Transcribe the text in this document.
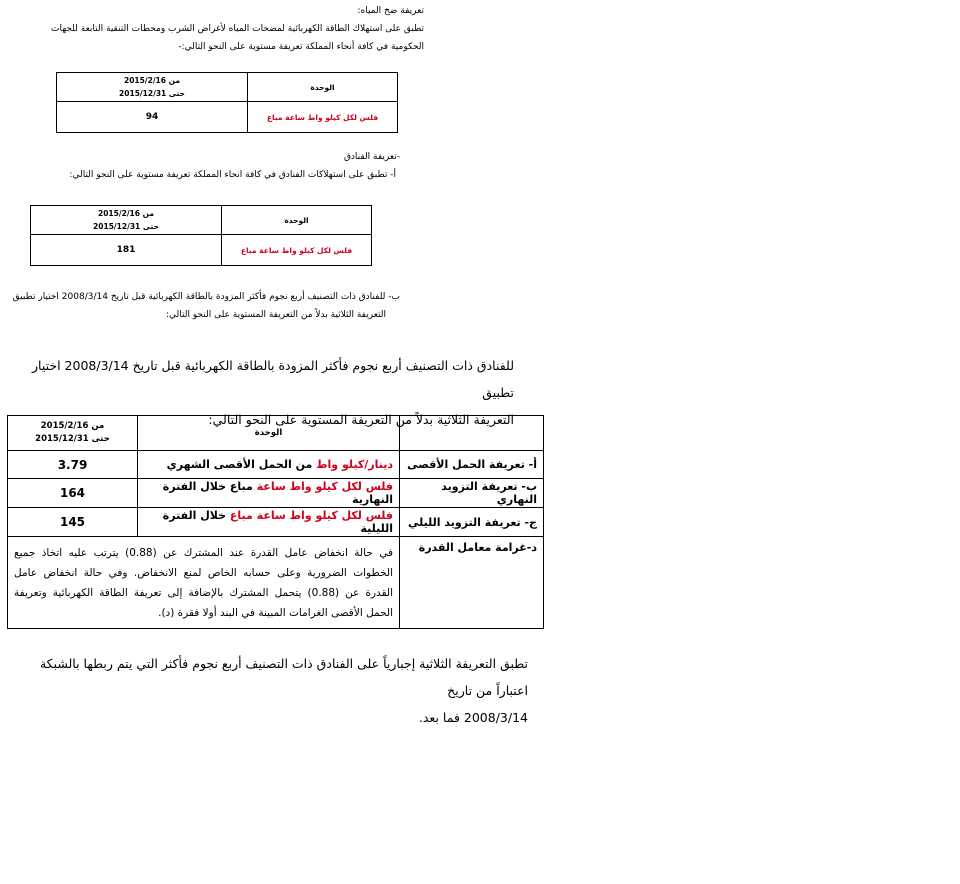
تعريفة ضخ المياه:
تطبق على استهلاك الطاقة الكهربائية لمضخات المياه لأغراض الشرب ومحطات التنقية التابعة للجهات
الحكومية في كافة أنحاء المملكة تعريفة مستوية على النحو التالي:-
الوحدة	من 2015/2/16
حتى 2015/12/31

فلس لكل كيلو واط ساعة مباع	94
-تعريفة الفنادق
أ- تطبق على استهلاكات الفنادق في كافة انحاء المملكة تعريفة مستوية على النحو التالي:
الوحدة	من 2015/2/16
حتى 2015/12/31

فلس لكل كيلو واط ساعة مباع	181
ب- للفنادق ذات التصنيف أربع نجوم فأكثر المزودة بالطاقة الكهربائية قبل تاريخ 2008/3/14 اختيار تطبيق
التعريفة الثلاثية بدلاً من التعريفة المستوية على النحو التالي:
للفنادق ذات التصنيف أربع نجوم فأكثر المزودة بالطاقة الكهربائية قبل تاريخ 2008/3/14 اختيار تطبيق
التعريفة الثلاثية بدلاً من التعريفة المستوية على النحو التالي:
	الوحدة	من 2015/2/16
حتى 2015/12/31

أ- تعريفة الحمل الأقصى	دينار/كيلو واط من الحمل الأقصى الشهري	3.79
ب- تعريفة التزويد النهاري	فلس لكل كيلو واط ساعة مباع خلال الفترة النهارية	164
ج- تعريفة التزويد الليلي	فلس لكل كيلو واط ساعة مباع خلال الفترة الليلية	145
د-غرامة معامل القدرة	في حالة انخفاض عامل القدرة عند المشترك عن (0.88) يترتب عليه اتخاذ جميع الخطوات الضرورية وعلى حسابه الخاص لمنع الانخفاض. وفي حالة انخفاض عامل القدرة عن (0.88) يتحمل المشترك بالإضافة إلى تعريفة الطاقة الكهربائية وتعريفة الحمل الأقصى الغرامات المبينة في البند أولا فقرة (د).	
تطبق التعريفة الثلاثية إجبارياً على الفنادق ذات التصنيف أربع نجوم فأكثر التي يتم ربطها بالشبكة اعتباراً من تاريخ
2008/3/14 فما بعد.
